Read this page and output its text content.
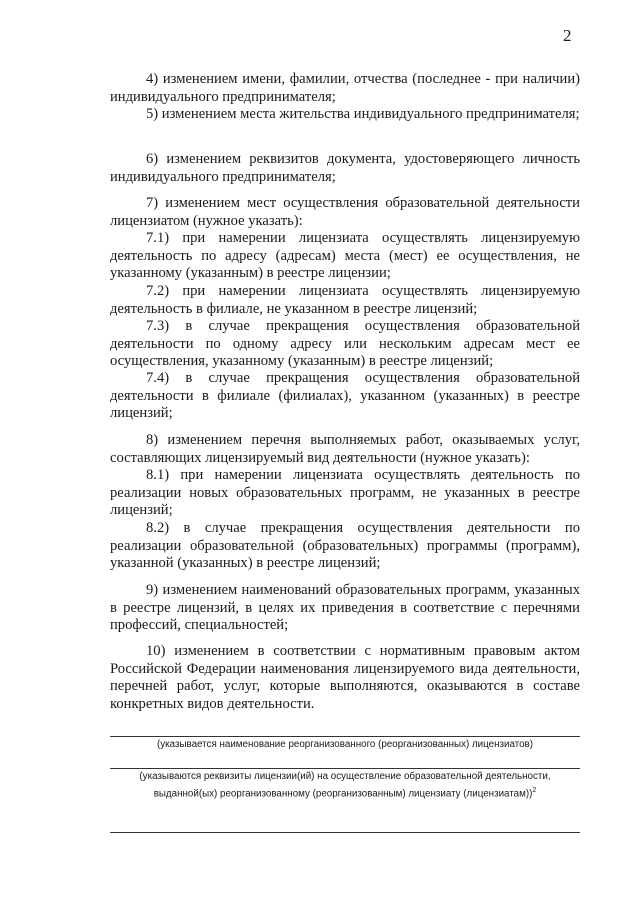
2
4) изменением имени, фамилии, отчества (последнее - при наличии) индивидуального предпринимателя;
5) изменением места жительства индивидуального предпринимателя;
6) изменением реквизитов документа, удостоверяющего личность индивидуального предпринимателя;
7) изменением мест осуществления образовательной деятельности лицензиатом (нужное указать):
7.1) при намерении лицензиата осуществлять лицензируемую деятельность по адресу (адресам) места (мест) ее осуществления, не указанному (указанным) в реестре лицензии;
7.2) при намерении лицензиата осуществлять лицензируемую деятельность в филиале, не указанном в реестре лицензий;
7.3) в случае прекращения осуществления образовательной деятельности по одному адресу или нескольким адресам мест ее осуществления, указанному (указанным) в реестре лицензий;
7.4) в случае прекращения осуществления образовательной деятельности в филиале (филиалах), указанном (указанных) в реестре лицензий;
8) изменением перечня выполняемых работ, оказываемых услуг, составляющих лицензируемый вид деятельности (нужное указать):
8.1) при намерении лицензиата осуществлять деятельность по реализации новых образовательных программ, не указанных в реестре лицензий;
8.2) в случае прекращения осуществления деятельности по реализации образовательной (образовательных) программы (программ), указанной (указанных) в реестре лицензий;
9) изменением наименований образовательных программ, указанных в реестре лицензий, в целях их приведения в соответствие с перечнями профессий, специальностей;
10) изменением в соответствии с нормативным правовым актом Российской Федерации наименования лицензируемого вида деятельности, перечней работ, услуг, которые выполняются, оказываются в составе конкретных видов деятельности.
(указывается наименование реорганизованного (реорганизованных) лицензиатов)
(указываются реквизиты лицензии(ий) на осуществление образовательной деятельности,
выданной(ых) реорганизованному (реорганизованным) лицензиату (лицензиатам))$^2$
